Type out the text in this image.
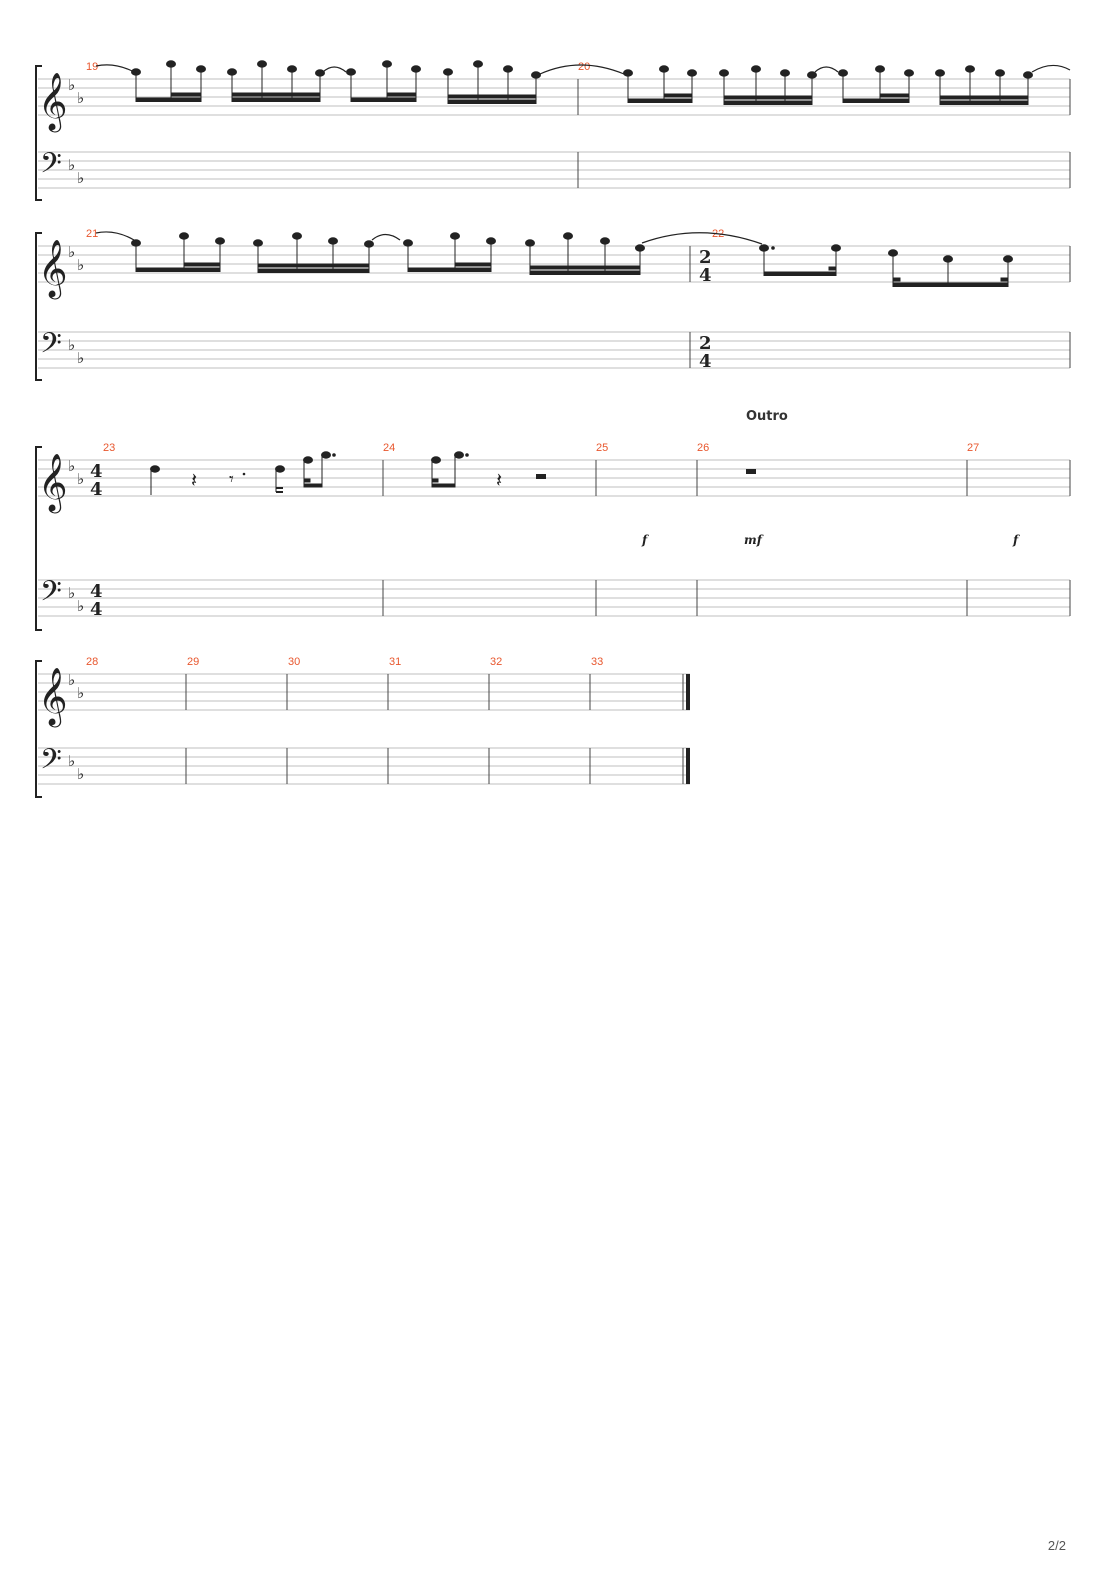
𝄞
𝄢
♭
♭
♭
♭
19	20
𝄞
𝄢
♭
♭
♭
♭
21	22
2
4
2
4
Outro
𝄞
𝄢
♭
♭
♭
♭
4
4
4
4
23	24	25	26	27
𝄽 𝄾	𝄽
f	mf	f
𝄞
𝄢
♭
♭
♭
♭
28	29	30	31	32	33
2/2
